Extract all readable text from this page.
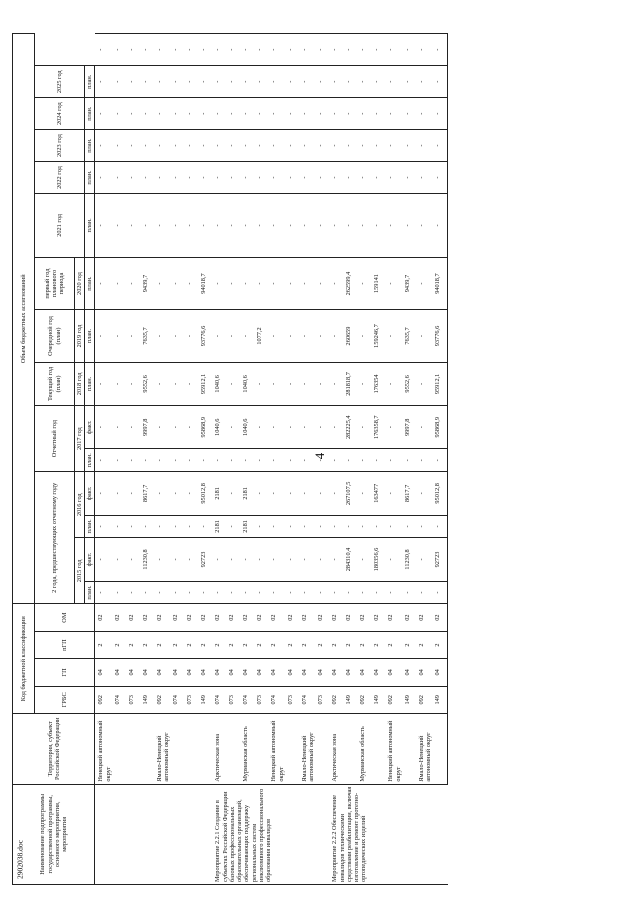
4
2902038.doc Наименование подпрограммы государственной программы, основного мероприятия, мероприятия	Территория, субъект Российской Федерации	Код бюджетной классификации				Объем бюджетных ассигнований														
		ГРБС	ГП	пГП	ОМ	2 года, предшествующих отчетному году				Отчетный год		Текущий год (план)	Очередной год (план)	первый год планового периода	2021 год	2022 год	2023 год	2024 год	2025 год	
						2015 год		2016 год		2017 год		2018 год	2019 год	2020 год						
						план.	факт.	план.	факт.	план.	факт.	план.	план.	план.	план.	план.	план.	план.	план.	
	Ненецкий автономный округ	092	04	2	02	-	-	-	-	-	-	-	-	-	-	-	-	-	-	-
		074	04	2	02	-	-	-	-	-	-	-	-	-	-	-	-	-	-	-
		073	04	2	02	-	-	-	-	-	-	-	-	-	-	-	-	-	-	-
		149	04	2	02	-	11230,8	-	8617,7	-	9997,8	9552,6	7635,7	9439,7	-	-	-	-	-	-
	Ямало-Ненецкий автономный округ	092	04	2	02	-	-	-	-	-	-	-	-	-	-	-	-	-	-	-
		074	04	2	02	-	-	-	-	-	-	-	-	-	-	-	-	-	-	-
		073	04	2	02	-	-	-	-	-	-	-	-	-	-	-	-	-	-	-
		149	04	2	02	-	92723	-	95012,8	-	95868,9	95912,1	93776,6	94018,7	-	-	-	-	-	-
Мероприятие 2.2.1 Создание в субъектах Российской Федерации базовых профессиональных образовательных организаций, обеспечивающих поддержку региональных систем инклюзивного профессионального образования инвалидов	Арктическая зона	074	04	2	02	-	-	2181	2181	-	1040,6	1040,6	-	-	-	-	-	-	-	-
		073	04	2	02	-	-	-	-	-	-	-	-	-	-	-	-	-	-	-
	Мурманская область	074	04	2	02	-	-	2181	2181	-	1040,6	1040,6	-	-	-	-	-	-	-	-
		073	04	2	02	-	-	-	-	-	-	-	1077,2	-	-	-	-	-	-	-
	Ненецкий автономный округ	074	04	2	02	-	-	-	-	-	-	-	-	-	-	-	-	-	-	-
		073	04	2	02	-	-	-	-	-	-	-	-	-	-	-	-	-	-	-
	Ямало-Ненецкий автономный округ	074	04	2	02	-	-	-	-	-	-	-	-	-	-	-	-	-	-	-
		073	04	2	02	-	-	-	-	-	-	-	-	-	-	-	-	-	-	-
Мероприятие 2.2.2 Обеспечение инвалидов техническими средствами реабилитации, включая изготовление и ремонт протезно-ортопедических изделий	Арктическая зона	092	04	2	02	-	-	-	-	-	-	-	-	-	-	-	-	-	-	-
		149	04	2	02	-	284310,4	-	267107,5	-	282225,4	281818,7	260659	262599,4	-	-	-	-	-	-
	Мурманская область	092	04	2	02	-	-	-	-	-	-	-	-	-	-	-	-	-	-	-
		149	04	2	02	-	180356,6	-	163477	-	176358,7	176354	159246,7	159141	-	-	-	-	-	-
	Ненецкий автономный округ	092	04	2	02	-	-	-	-	-	-	-	-	-	-	-	-	-	-	-
		149	04	2	02	-	11230,8	-	8617,7	-	9997,8	9552,6	7635,7	9439,7	-	-	-	-	-	-
	Ямало-Ненецкий автономный округ	092	04	2	02	-	-	-	-	-	-	-	-	-	-	-	-	-	-	-
		149	04	2	02	-	92723	-	95012,8	-	95868,9	95912,1	93776,6	94018,7	-	-	-	-	-	-
